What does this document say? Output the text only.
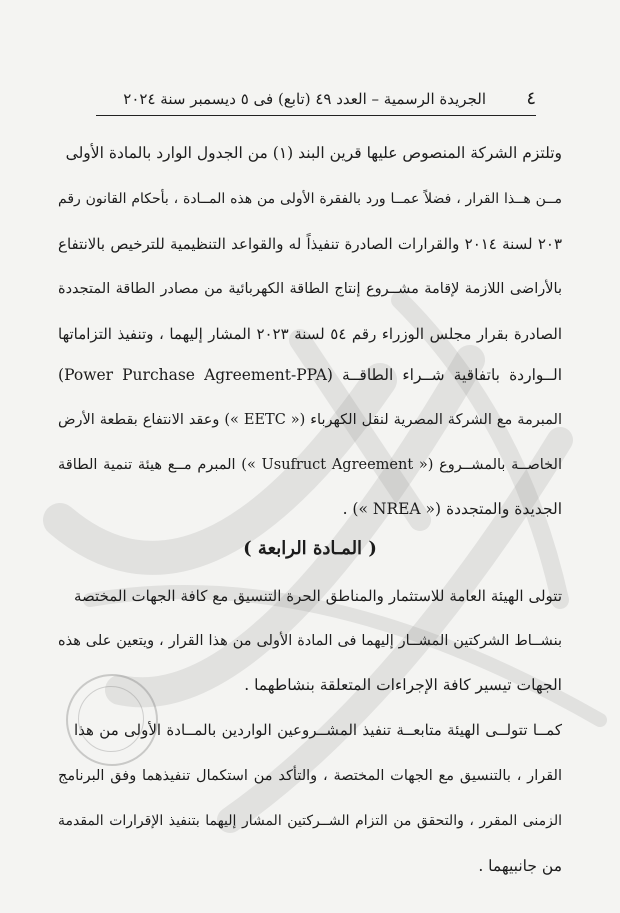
٤
الجريدة الرسمية – العدد ٤٩ (تابع) فى ٥ ديسمبر سنة ٢٠٢٤
وتلتزم الشركة المنصوص عليها قرين البند (١) من الجدول الوارد بالمادة الأولى
مــن هــذا القرار ، فضلاً عمــا ورد بالفقرة الأولى من هذه المــادة ، بأحكام القانون رقم
٢٠٣ لسنة ٢٠١٤ والقرارات الصادرة تنفيذاً له والقواعد التنظيمية للترخيص بالانتفاع
بالأراضى اللازمة لإقامة مشــروع إنتاج الطاقة الكهربائية من مصادر الطاقة المتجددة
الصادرة بقرار مجلس الوزراء رقم ٥٤ لسنة ٢٠٢٣ المشار إليهما ، وتنفيذ التزاماتها
الــواردة باتفاقية شــراء الطاقــة (Power Purchase Agreement-PPA)
المبرمة مع الشركة المصرية لنقل الكهرباء (« EETC ») وعقد الانتفاع بقطعة الأرض
الخاصــة بالمشــروع (« Usufruct Agreement ») المبرم مــع هيئة تنمية الطاقة
الجديدة والمتجددة (« NREA ») .
( المـادة الرابعة )
تتولى الهيئة العامة للاستثمار والمناطق الحرة التنسيق مع كافة الجهات المختصة
بنشــاط الشركتين المشــار إليهما فى المادة الأولى من هذا القرار ، ويتعين على هذه
الجهات تيسير كافة الإجراءات المتعلقة بنشاطهما .
كمــا تتولــى الهيئة متابعــة تنفيذ المشــروعين الواردين بالمــادة الأولى من هذا
القرار ، بالتنسيق مع الجهات المختصة ، والتأكد من استكمال تنفيذهما وفق البرنامج
الزمنى المقرر ، والتحقق من التزام الشــركتين المشار إليهما بتنفيذ الإقرارات المقدمة
من جانبيهما .
